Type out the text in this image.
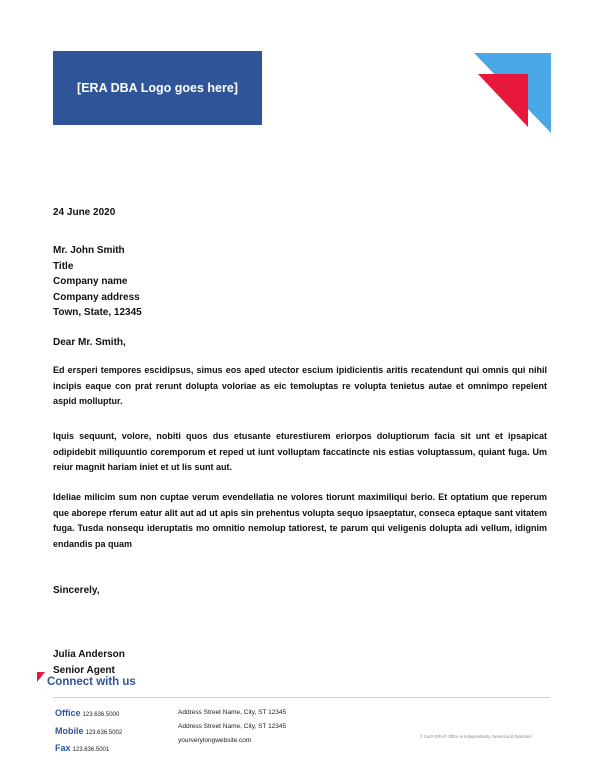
[ERA DBA Logo goes here]
24 June 2020
Mr. John Smith
Title
Company name
Company address
Town, State, 12345
Dear Mr. Smith,

Ed ersperi tempores escidipsus, simus eos aped utector escium ipidicientis aritis recatendunt qui omnis qui nihil incipis eaque con prat rerunt dolupta voloriae as eic temoluptas re volupta tenietus autae et omnimpo repelent aspid molluptur.

Iquis sequunt, volore, nobiti quos dus etusante eturestiurem eriorpos doluptiorum facia sit unt et ipsapicat odipidebit miliquuntio coremporum et reped ut iunt volluptam faccatincte nis estias voluptassum, quiant fuga. Um reiur magnit hariam iniet et ut lis sunt aut.

Ideliae milicim sum non cuptae verum evendellatia ne volores tiorunt maximiliqui berio. Et optatium que reperum que aborepe rferum eatur alit aut ad ut apis sin prehentus volupta sequo ipsaeptatur, conseca eptaque sant vitatem fuga. Tusda nonsequ ideruptatis mo omnitio nemolup tatiorest, te parum qui veligenis dolupta adi vellum, idignim endandis pa quam

Sincerely,
Julia Anderson
Senior Agent
Connect with us
Office 123.636.5000
Mobile 123.636.5002
Fax 123.636.5001
Address Street Name, City, ST 12345
Address Street Name, City, ST 12345
yourverylongwebsite.com
© Each ERA® Office is Independently Owned and Operated
